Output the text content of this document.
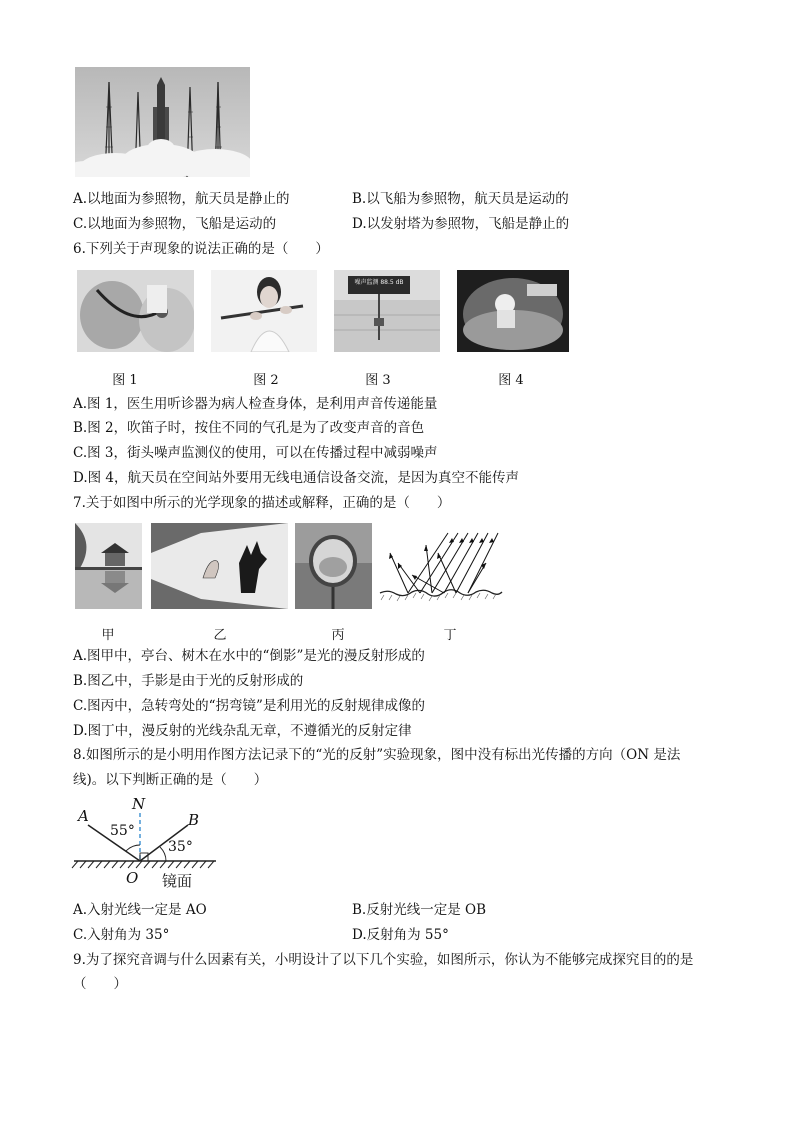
A.以地面为参照物，航天员是静止的	B.以飞船为参照物，航天员是运动的
C.以地面为参照物，飞船是运动的	D.以发射塔为参照物，飞船是静止的
6.下列关于声现象的说法正确的是（　　）
噪声监测 88.5 dB
图 1	图 2	图 3	图 4
A.图 1，医生用听诊器为病人检查身体，是利用声音传递能量
B.图 2，吹笛子时，按住不同的气孔是为了改变声音的音色
C.图 3，街头噪声监测仪的使用，可以在传播过程中减弱噪声
D.图 4，航天员在空间站外要用无线电通信设备交流，是因为真空不能传声
7.关于如图中所示的光学现象的描述或解释，正确的是（　　）
甲	乙	丙	丁
A.图甲中，亭台、树木在水中的“倒影”是光的漫反射形成的
B.图乙中，手影是由于光的反射形成的
C.图丙中，急转弯处的“拐弯镜”是利用光的反射规律成像的
D.图丁中，漫反射的光线杂乱无章，不遵循光的反射定律
8.如图所示的是小明用作图方法记录下的“光的反射”实验现象，图中没有标出光传播的方向（ON 是法
线)。以下判断正确的是（　　）
A
N
B
O
55°
35°
镜面
A.入射光线一定是 AO	B.反射光线一定是 OB
C.入射角为 35°	D.反射角为 55°
9.为了探究音调与什么因素有关，小明设计了以下几个实验，如图所示，你认为不能够完成探究目的的是
（　　）
